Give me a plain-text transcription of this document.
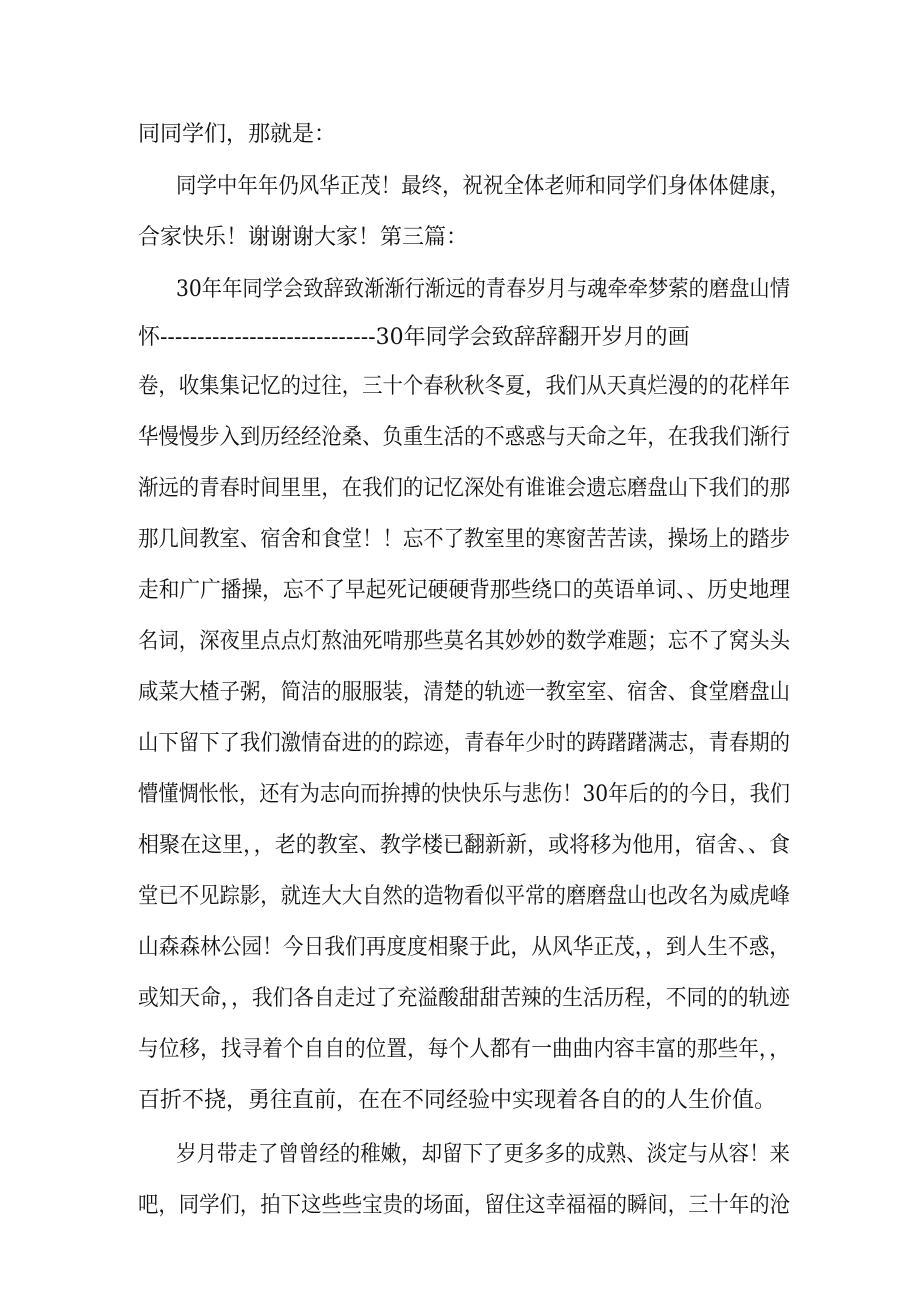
同同学们，那就是：

同学中年年仍风华正茂！最终，祝祝全体老师和同学们身体体健康，

合家快乐！谢谢谢大家！第三篇：

30年年同学会致辞致渐渐行渐远的青春岁月与魂牵牵梦萦的磨盘山情

怀-----------------------------30年同学会致辞辞翻开岁月的画

卷，收集集记忆的过往，三十个春秋秋冬夏，我们从天真烂漫的的花样年

华慢慢步入到历经经沧桑、负重生活的不惑惑与天命之年，在我我们渐行

渐远的青春时间里里，在我们的记忆深处有谁谁会遗忘磨盘山下我们的那

那几间教室、宿舍和食堂！！忘不了教室里的寒窗苦苦读，操场上的踏步

走和广广播操，忘不了早起死记硬硬背那些绕口的英语单词、、历史地理

名词，深夜里点点灯熬油死啃那些莫名其妙妙的数学难题；忘不了窝头头

咸菜大楂子粥，简洁的服服装，清楚的轨迹一教室室、宿舍、食堂磨盘山

山下留下了我们激情奋进的的踪迹，青春年少时的踌躇躇满志，青春期的

懵懂惆怅怅，还有为志向而拚搏的快快乐与悲伤！30年后的的今日，我们

相聚在这里，，老的教室、教学楼已翻新新，或将移为他用，宿舍、、食

堂已不见踪影，就连大大自然的造物看似平常的磨磨盘山也改名为威虎峰

山森森林公园！今日我们再度度相聚于此，从风华正茂，，到人生不惑，

或知天命，，我们各自走过了充溢酸甜甜苦辣的生活历程，不同的的轨迹

与位移，找寻着个自自的位置，每个人都有一曲曲内容丰富的那些年，，

百折不挠，勇往直前，在在不同经验中实现着各自的的人生价值。

岁月带走了曾曾经的稚嫩，却留下了更多多的成熟、淡定与从容！来

吧，同学们，拍下这些些宝贵的场面，留住这幸福福的瞬间，三十年的沧
